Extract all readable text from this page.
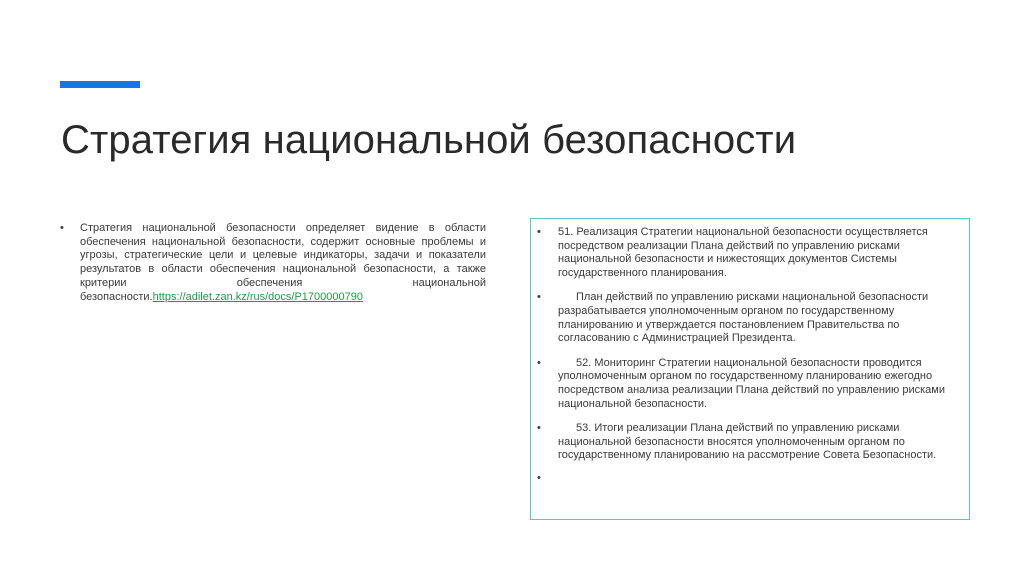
Стратегия национальной безопасности
• Стратегия национальной безопасности определяет видение в области обеспечения национальной безопасности, содержит основные проблемы и угрозы, стратегические цели и целевые индикаторы, задачи и показатели результатов в области обеспечения национальной безопасности, а также критерии обеспечения национальной безопасности.https://adilet.zan.kz/rus/docs/P1700000790
• 51. Реализация Стратегии национальной безопасности осуществляется посредством реализации Плана действий по управлению рисками национальной безопасности и нижестоящих документов Системы государственного планирования.
•	План действий по управлению рисками национальной безопасности разрабатывается уполномоченным органом по государственному планированию и утверждается постановлением Правительства по согласованию с Администрацией Президента.
•	52. Мониторинг Стратегии национальной безопасности проводится уполномоченным органом по государственному планированию ежегодно посредством анализа реализации Плана действий по управлению рисками национальной безопасности.
•	53. Итоги реализации Плана действий по управлению рисками национальной безопасности вносятся уполномоченным органом по государственному планированию на рассмотрение Совета Безопасности.
•
